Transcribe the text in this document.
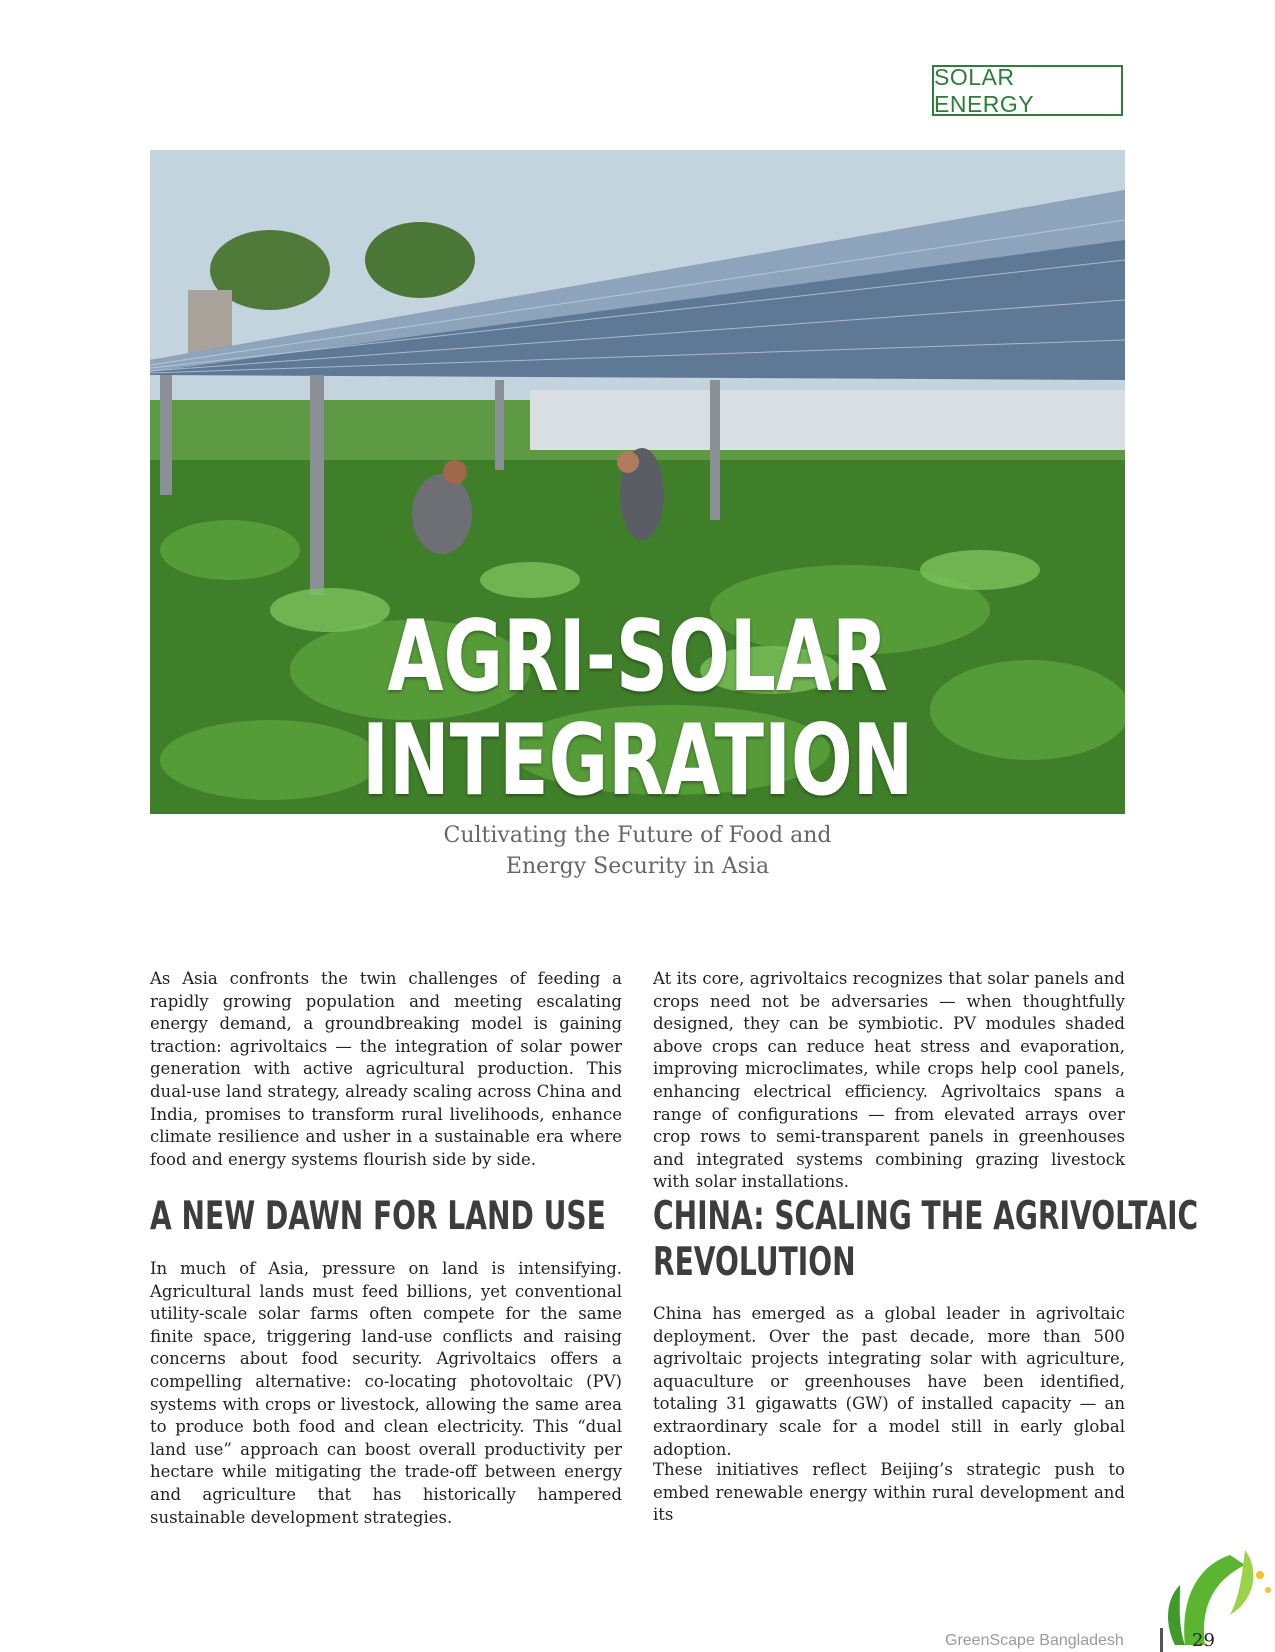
SOLAR ENERGY
AGRI-SOLAR
INTEGRATION
Cultivating the Future of Food and
Energy Security in Asia

As Asia confronts the twin challenges of feeding a rapidly growing population and meeting escalating energy demand, a groundbreaking model is gaining traction: agrivoltaics — the integration of solar power generation with active agricultural production. This dual-use land strategy, already scaling across China and India, promises to transform rural livelihoods, enhance climate resilience and usher in a sustainable era where food and energy systems flourish side by side.

A NEW DAWN FOR LAND USE

In much of Asia, pressure on land is intensifying. Agricultural lands must feed billions, yet conventional utility-scale solar farms often compete for the same finite space, triggering land-use conflicts and raising concerns about food security. Agrivoltaics offers a compelling alternative: co-locating photovoltaic (PV) systems with crops or livestock, allowing the same area to produce both food and clean electricity. This “dual land use” approach can boost overall productivity per hectare while mitigating the trade-off between energy and agriculture that has historically hampered sustainable development strategies.

At its core, agrivoltaics recognizes that solar panels and crops need not be adversaries — when thoughtfully designed, they can be symbiotic. PV modules shaded above crops can reduce heat stress and evaporation, improving microclimates, while crops help cool panels, enhancing electrical efficiency. Agrivoltaics spans a range of configurations — from elevated arrays over crop rows to semi-transparent panels in greenhouses and integrated systems combining grazing livestock with solar installations.

CHINA: SCALING THE AGRIVOLTAIC
REVOLUTION

China has emerged as a global leader in agrivoltaic deployment. Over the past decade, more than 500 agrivoltaic projects integrating solar with agriculture, aquaculture or greenhouses have been identified, totaling 31 gigawatts (GW) of installed capacity — an extraordinary scale for a model still in early global adoption.

These initiatives reflect Beijing’s strategic push to embed renewable energy within rural development and its

GreenScape Bangladesh	29
